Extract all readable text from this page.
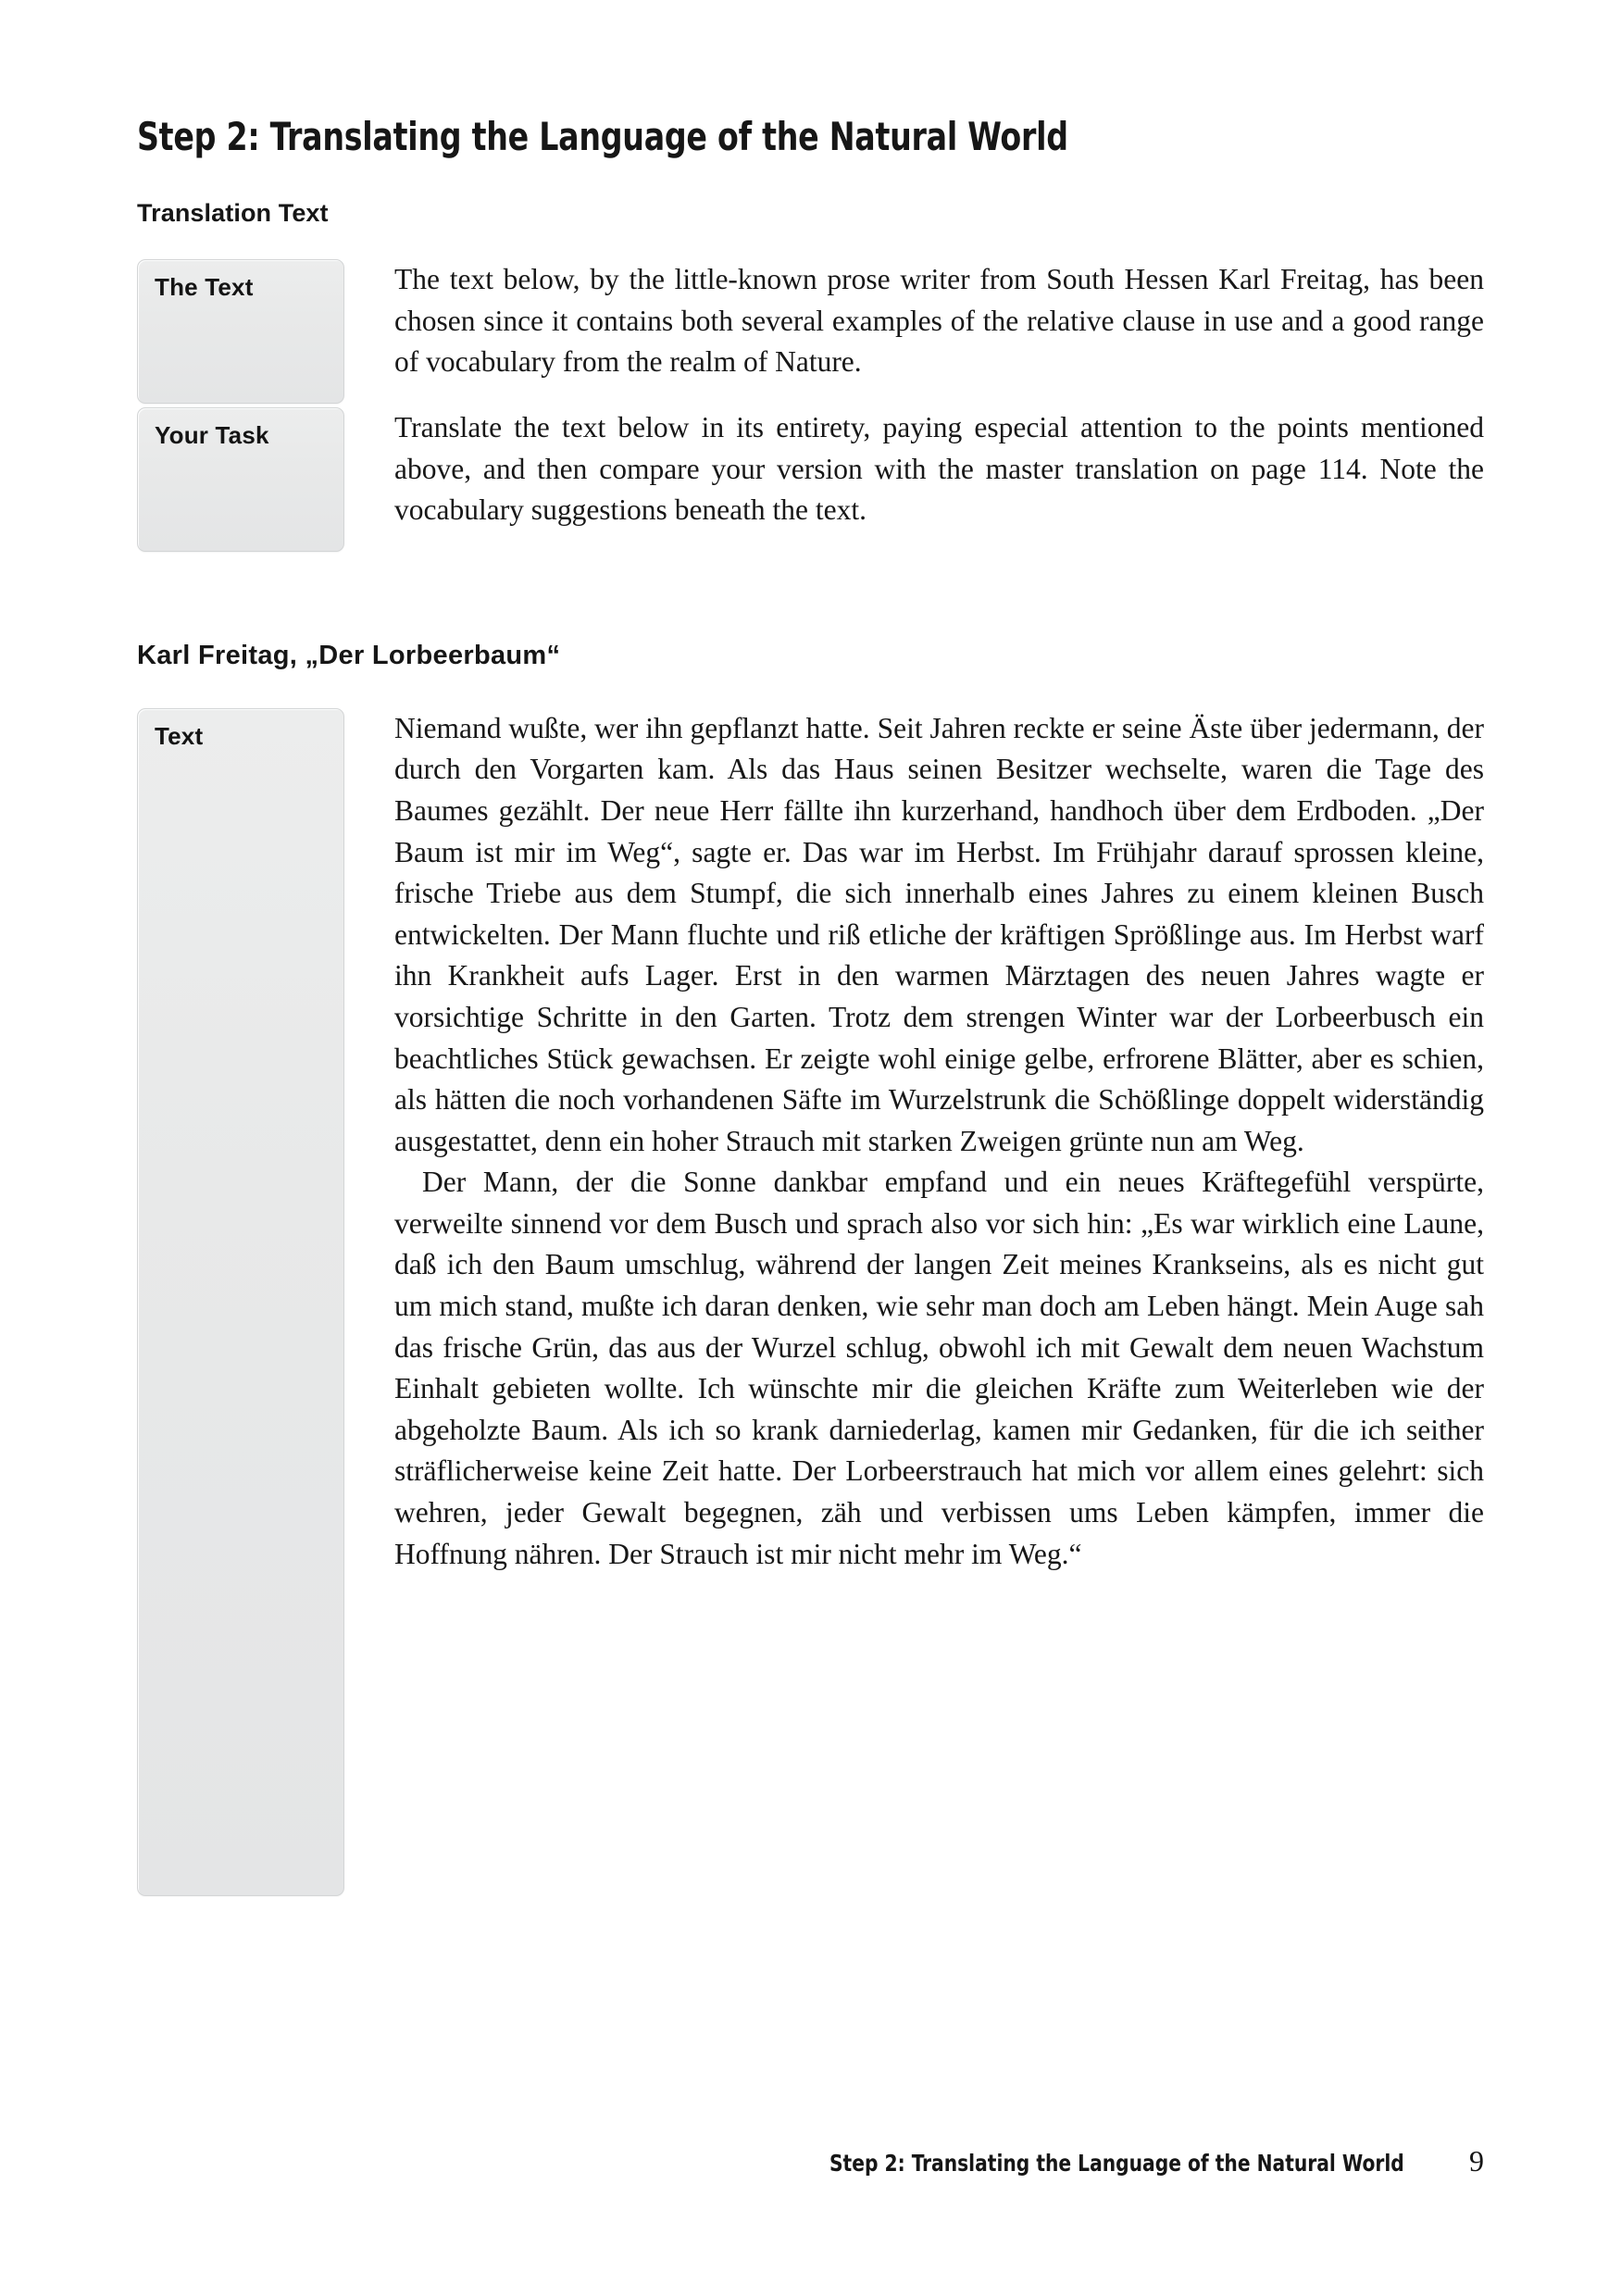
Step 2: Translating the Language of the Natural World
Translation Text
The Text	The text below, by the little-known prose writer from South Hessen Karl Freitag, has been chosen since it contains both several examples of the relative clause in use and a good range of vocabulary from the realm of Nature.

Your Task	Translate the text below in its entirety, paying especial attention to the points mentioned above, and then compare your version with the master translation on page 114. Note the vocabulary suggestions beneath the text.

Karl Freitag, „Der Lorbeerbaum“
Text	Niemand wußte, wer ihn gepflanzt hatte. Seit Jahren reckte er seine Äste über jedermann, der durch den Vorgarten kam. Als das Haus seinen Besitzer wechselte, waren die Tage des Baumes gezählt. Der neue Herr fällte ihn kurzerhand, handhoch über dem Erdboden. „Der Baum ist mir im Weg“, sagte er. Das war im Herbst. Im Frühjahr darauf sprossen kleine, frische Triebe aus dem Stumpf, die sich innerhalb eines Jahres zu einem kleinen Busch entwickelten. Der Mann fluchte und riß etliche der kräftigen Sprößlinge aus. Im Herbst warf ihn Krankheit aufs Lager. Erst in den warmen Märztagen des neuen Jahres wagte er vorsichtige Schritte in den Garten. Trotz dem strengen Winter war der Lorbeerbusch ein beachtliches Stück gewachsen. Er zeigte wohl einige gelbe, erfrorene Blätter, aber es schien, als hätten die noch vorhandenen Säfte im Wurzelstrunk die Schößlinge doppelt widerständig ausgestattet, denn ein hoher Strauch mit starken Zweigen grünte nun am Weg.

Der Mann, der die Sonne dankbar empfand und ein neues Kräftegefühl verspürte, verweilte sinnend vor dem Busch und sprach also vor sich hin: „Es war wirklich eine Laune, daß ich den Baum umschlug, während der langen Zeit meines Krankseins, als es nicht gut um mich stand, mußte ich daran denken, wie sehr man doch am Leben hängt. Mein Auge sah das frische Grün, das aus der Wurzel schlug, obwohl ich mit Gewalt dem neuen Wachstum Einhalt gebieten wollte. Ich wünschte mir die gleichen Kräfte zum Weiterleben wie der abgeholzte Baum. Als ich so krank darniederlag, kamen mir Gedanken, für die ich seither sträflicherweise keine Zeit hatte. Der Lorbeerstrauch hat mich vor allem eines gelehrt: sich wehren, jeder Gewalt begegnen, zäh und verbissen ums Leben kämpfen, immer die Hoffnung nähren. Der Strauch ist mir nicht mehr im Weg.“

Step 2: Translating the Language of the Natural World	9
